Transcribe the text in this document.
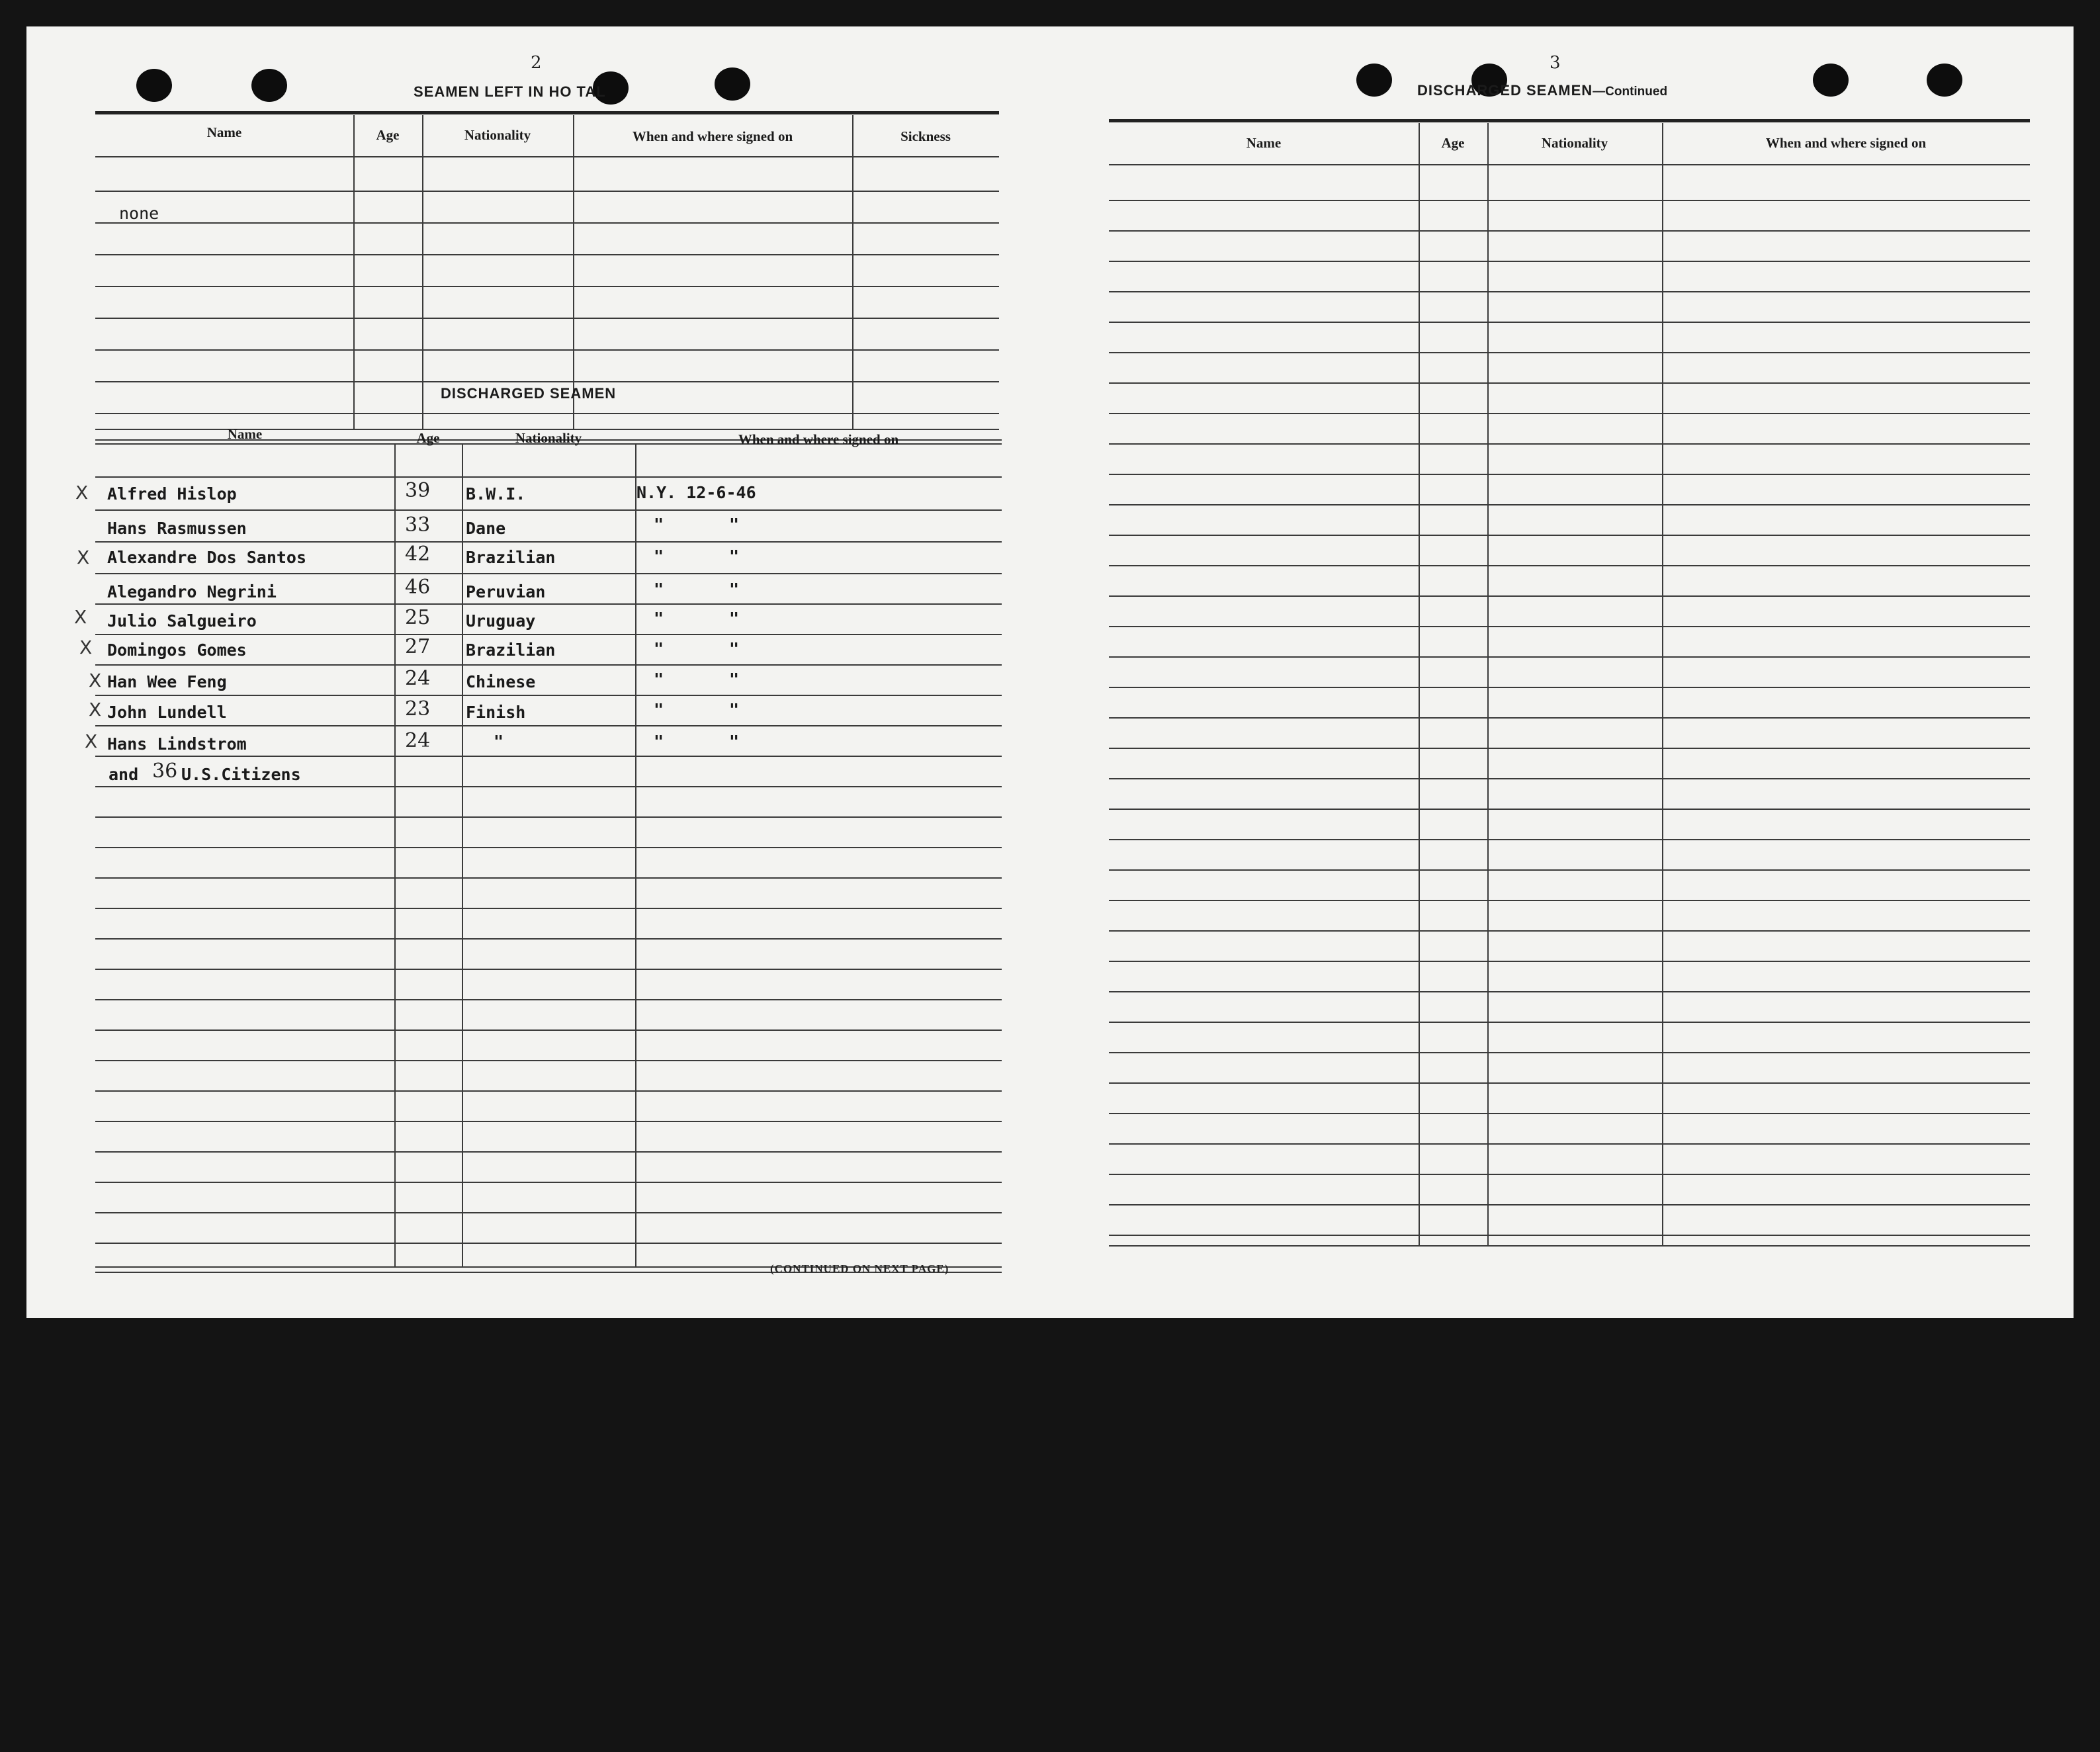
2
SEAMEN LEFT IN HO TAL
Name	Age	Nationality	When and where signed on	Sickness
none
DISCHARGED SEAMEN
Name	Age	Nationality	When and where signed on
X Alfred Hislop	39 B.W.I.	N.Y. 12-6-46
Hans Rasmussen	33 Dane	"	"
X Alexandre Dos Santos	42 Brazilian	"	"
Alegandro Negrini	46 Peruvian	"	"
X Julio Salgueiro	25 Uruguay	"	"
X Domingos Gomes	27 Brazilian	"	"
X Han Wee Feng	24 Chinese	"	"
X John Lundell	23 Finish	"	"
X Hans Lindstrom	24	"	"	"
and 36 U.S.Citizens
(CONTINUED ON NEXT PAGE)
3
DISCHARGED SEAMEN—Continued
Name	Age	Nationality	When and where signed on
